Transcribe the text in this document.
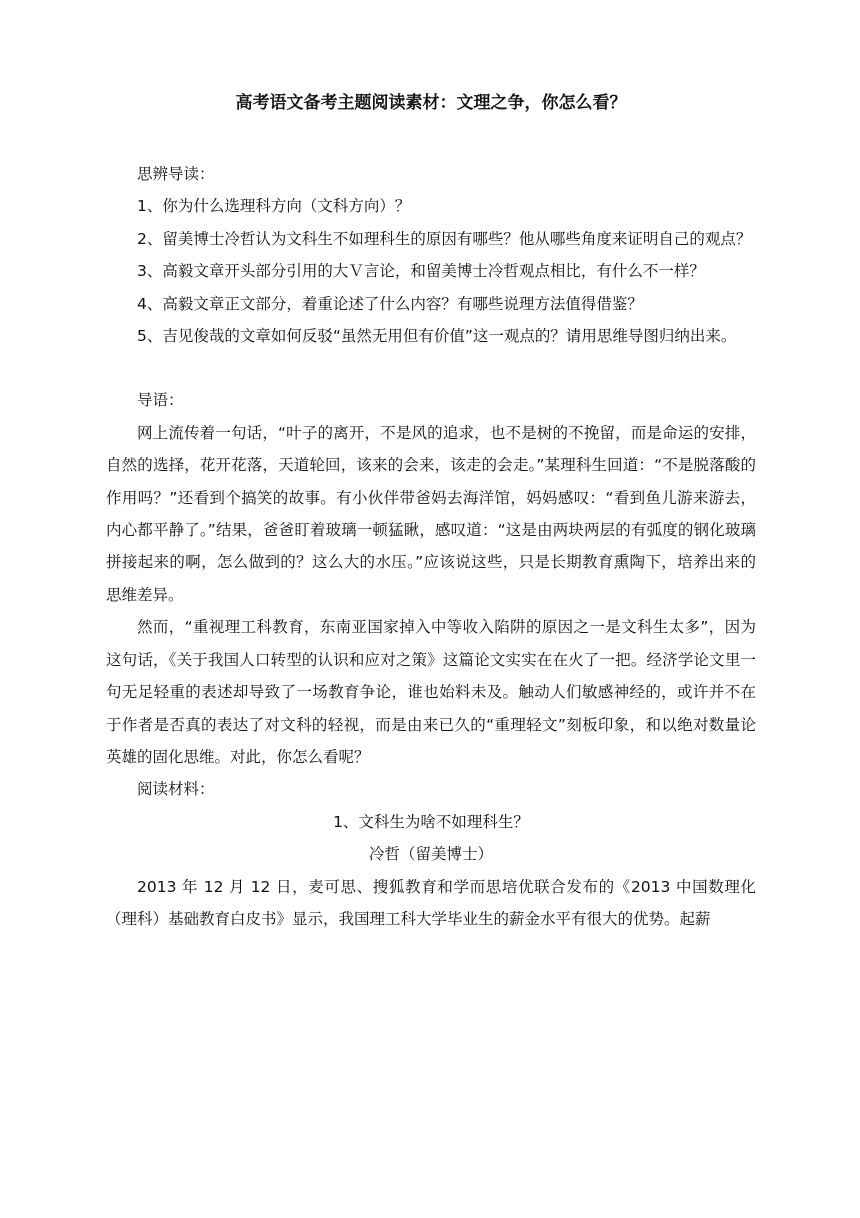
高考语文备考主题阅读素材：文理之争，你怎么看？

思辨导读：

1、你为什么选理科方向（文科方向）？

2、留美博士冷哲认为文科生不如理科生的原因有哪些？他从哪些角度来证明自己的观点？

3、高毅文章开头部分引用的大Ｖ言论，和留美博士冷哲观点相比，有什么不一样？

4、高毅文章正文部分，着重论述了什么内容？有哪些说理方法值得借鉴？

5、吉见俊哉的文章如何反驳“虽然无用但有价值”这一观点的？请用思维导图归纳出来。

导语：

网上流传着一句话，“叶子的离开，不是风的追求，也不是树的不挽留，而是命运的安排，自然的选择，花开花落，天道轮回，该来的会来，该走的会走。”某理科生回道：“不是脱落酸的作用吗？”还看到个搞笑的故事。有小伙伴带爸妈去海洋馆，妈妈感叹：“看到鱼儿游来游去，内心都平静了。”结果，爸爸盯着玻璃一顿猛瞅，感叹道：“这是由两块两层的有弧度的钢化玻璃拼接起来的啊，怎么做到的？这么大的水压。”应该说这些，只是长期教育熏陶下，培养出来的思维差异。

然而，“重视理工科教育，东南亚国家掉入中等收入陷阱的原因之一是文科生太多”，因为这句话，《关于我国人口转型的认识和应对之策》这篇论文实实在在火了一把。经济学论文里一句无足轻重的表述却导致了一场教育争论，谁也始料未及。触动人们敏感神经的，或许并不在于作者是否真的表达了对文科的轻视，而是由来已久的“重理轻文”刻板印象，和以绝对数量论英雄的固化思维。对此，你怎么看呢？

阅读材料：

1、文科生为啥不如理科生？

冷哲（留美博士）

2013 年 12 月 12 日，麦可思、搜狐教育和学而思培优联合发布的《2013 中国数理化（理科）基础教育白皮书》显示，我国理工科大学毕业生的薪金水平有很大的优势。起薪
